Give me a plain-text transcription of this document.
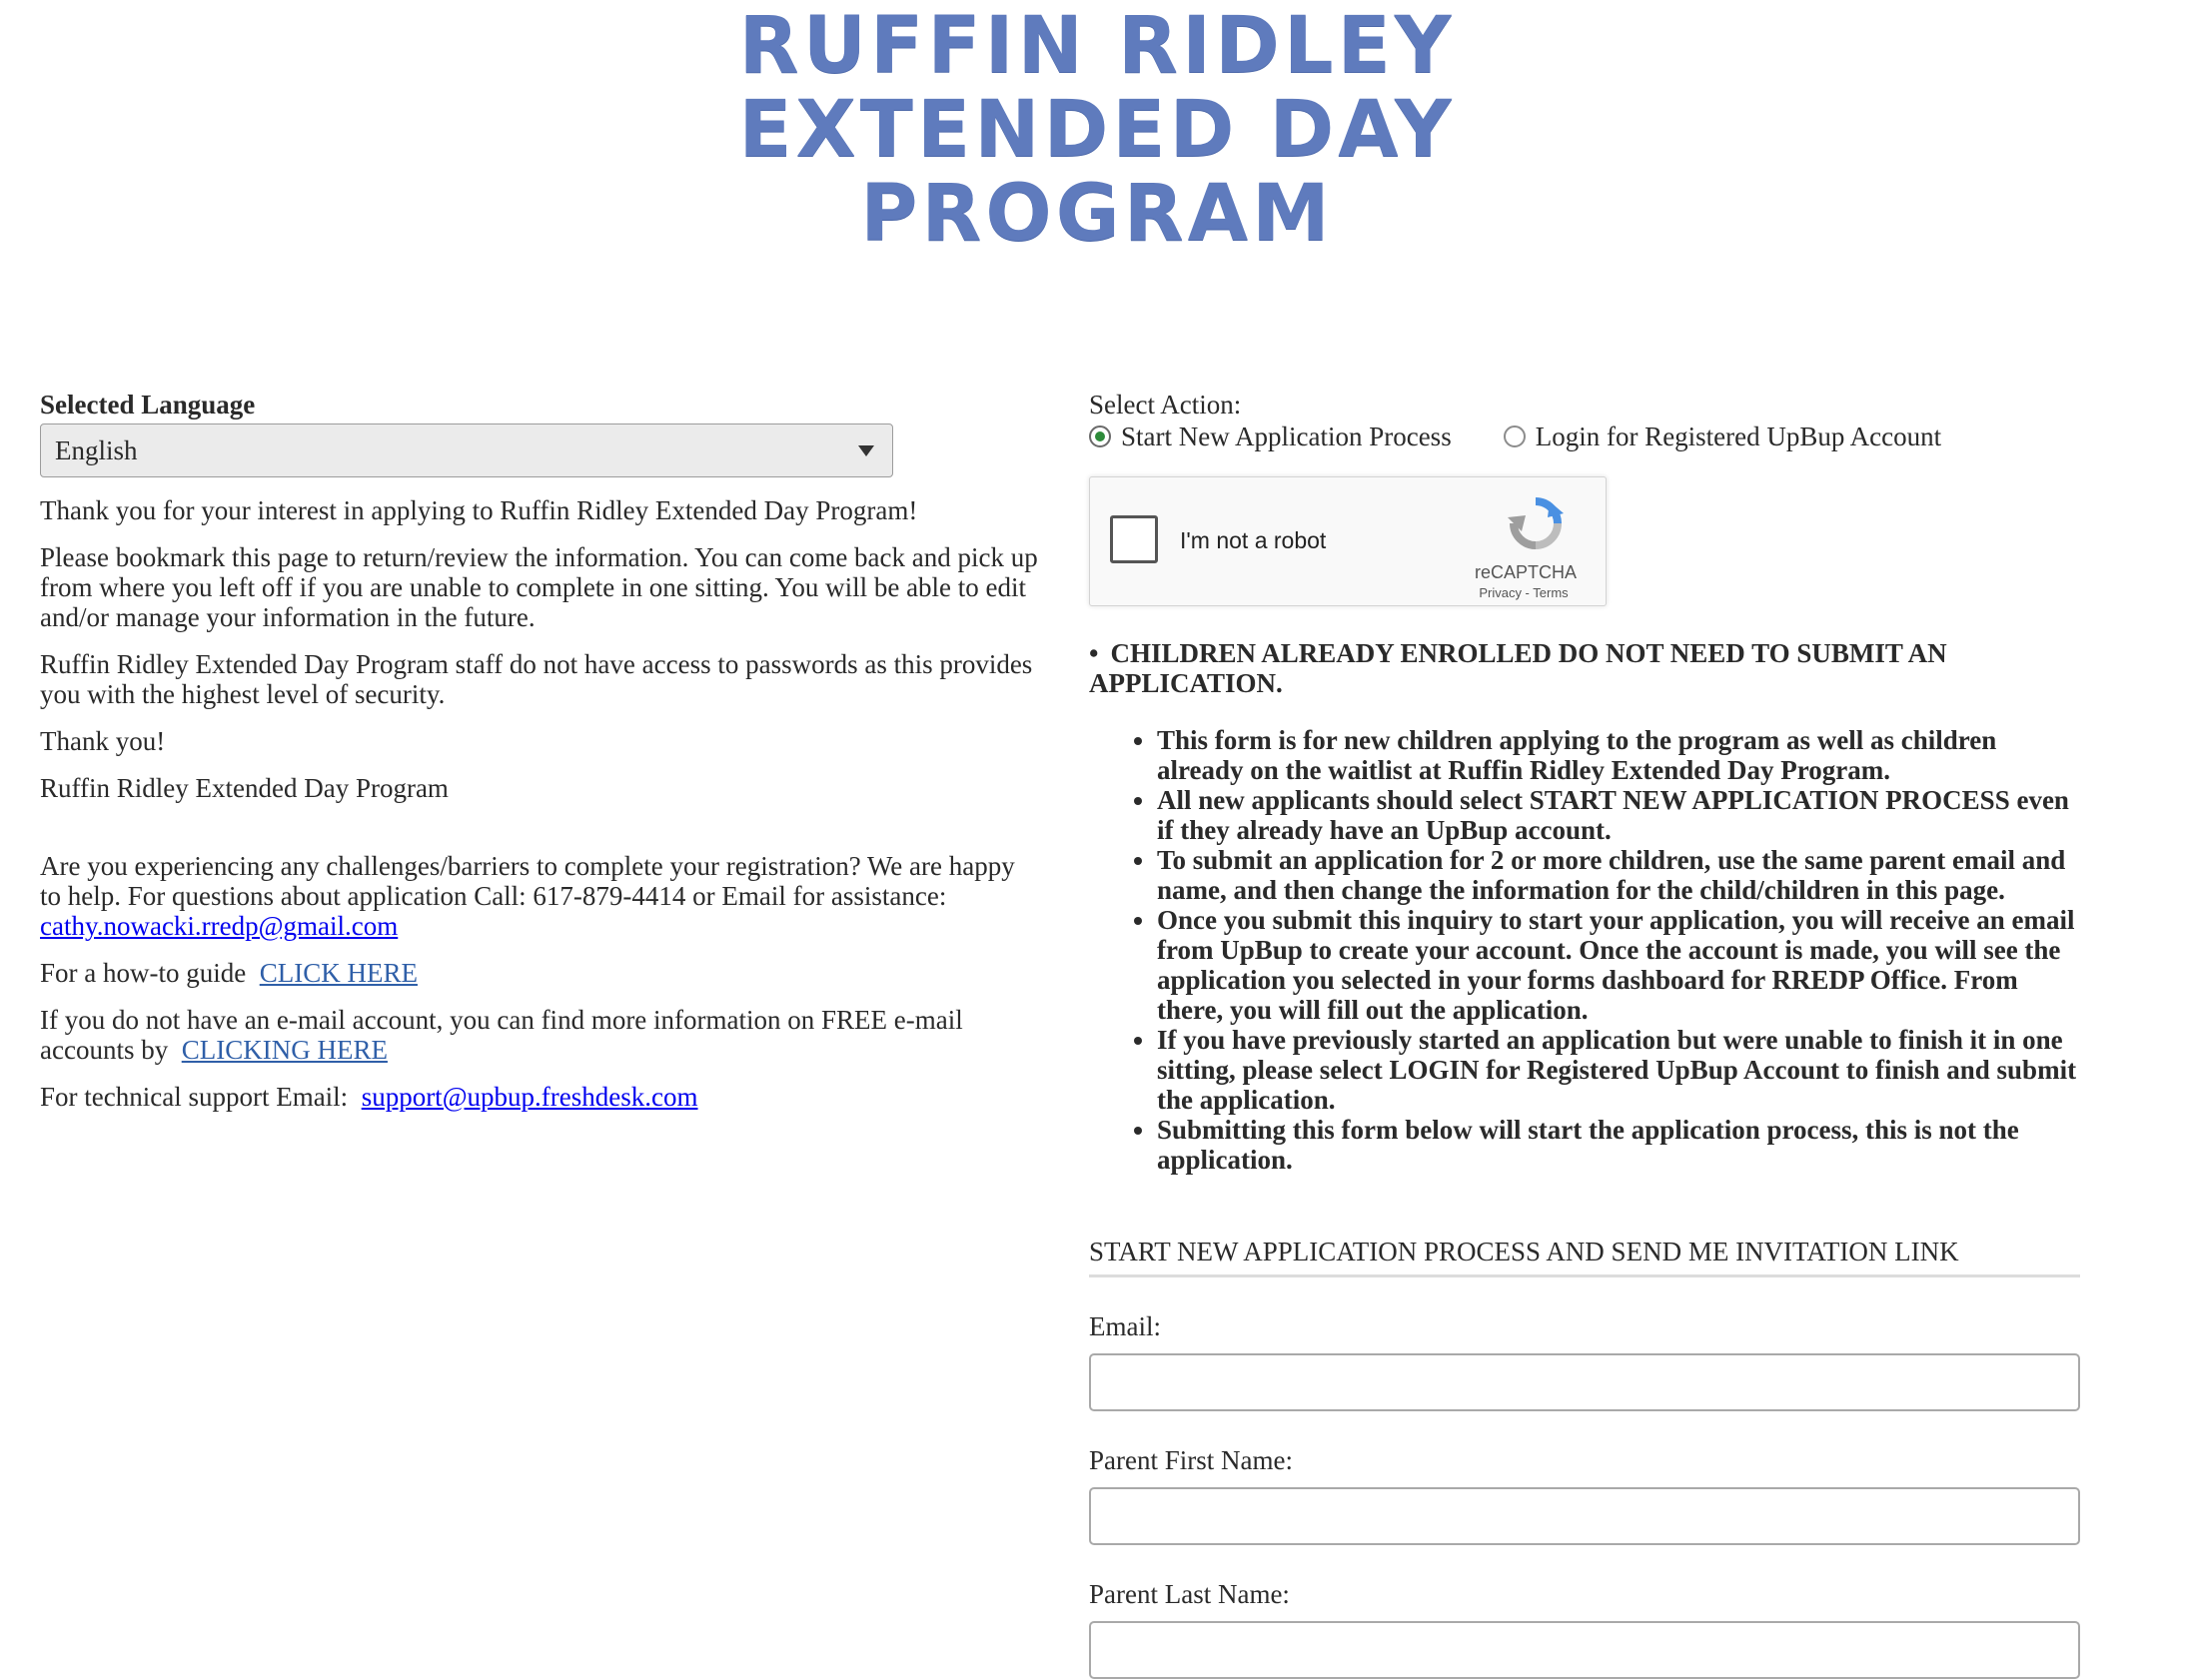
RUFFIN RIDLEY
EXTENDED DAY
PROGRAM
Selected Language
English

Thank you for your interest in applying to Ruffin Ridley Extended Day Program!

Please bookmark this page to return/review the information. You can come back and pick up from where you left off if you are unable to complete in one sitting. You will be able to edit and/or manage your information in the future.

Ruffin Ridley Extended Day Program staff do not have access to passwords as this provides you with the highest level of security.

Thank you!

Ruffin Ridley Extended Day Program

Are you experiencing any challenges/barriers to complete your registration? We are happy to help. For questions about application Call: 617-879-4414 or Email for assistance:
cathy.nowacki.rredp@gmail.com

For a how-to guide CLICK HERE

If you do not have an e-mail account, you can find more information on FREE e-mail accounts by CLICKING HERE

For technical support Email: support@upbup.freshdesk.com

Select Action:
Start New Application Process	Login for Registered UpBup Account
I'm not a robot
reCAPTCHA
Privacy - Terms

• CHILDREN ALREADY ENROLLED DO NOT NEED TO SUBMIT AN APPLICATION.

• This form is for new children applying to the program as well as children already on the waitlist at Ruffin Ridley Extended Day Program.
• All new applicants should select START NEW APPLICATION PROCESS even if they already have an UpBup account.
• To submit an application for 2 or more children, use the same parent email and name, and then change the information for the child/children in this page.
• Once you submit this inquiry to start your application, you will receive an email from UpBup to create your account. Once the account is made, you will see the application you selected in your forms dashboard for RREDP Office. From there, you will fill out the application.
• If you have previously started an application but were unable to finish it in one sitting, please select LOGIN for Registered UpBup Account to finish and submit the application.
• Submitting this form below will start the application process, this is not the application.
START NEW APPLICATION PROCESS AND SEND ME INVITATION LINK
Email:
Parent First Name:
Parent Last Name:
